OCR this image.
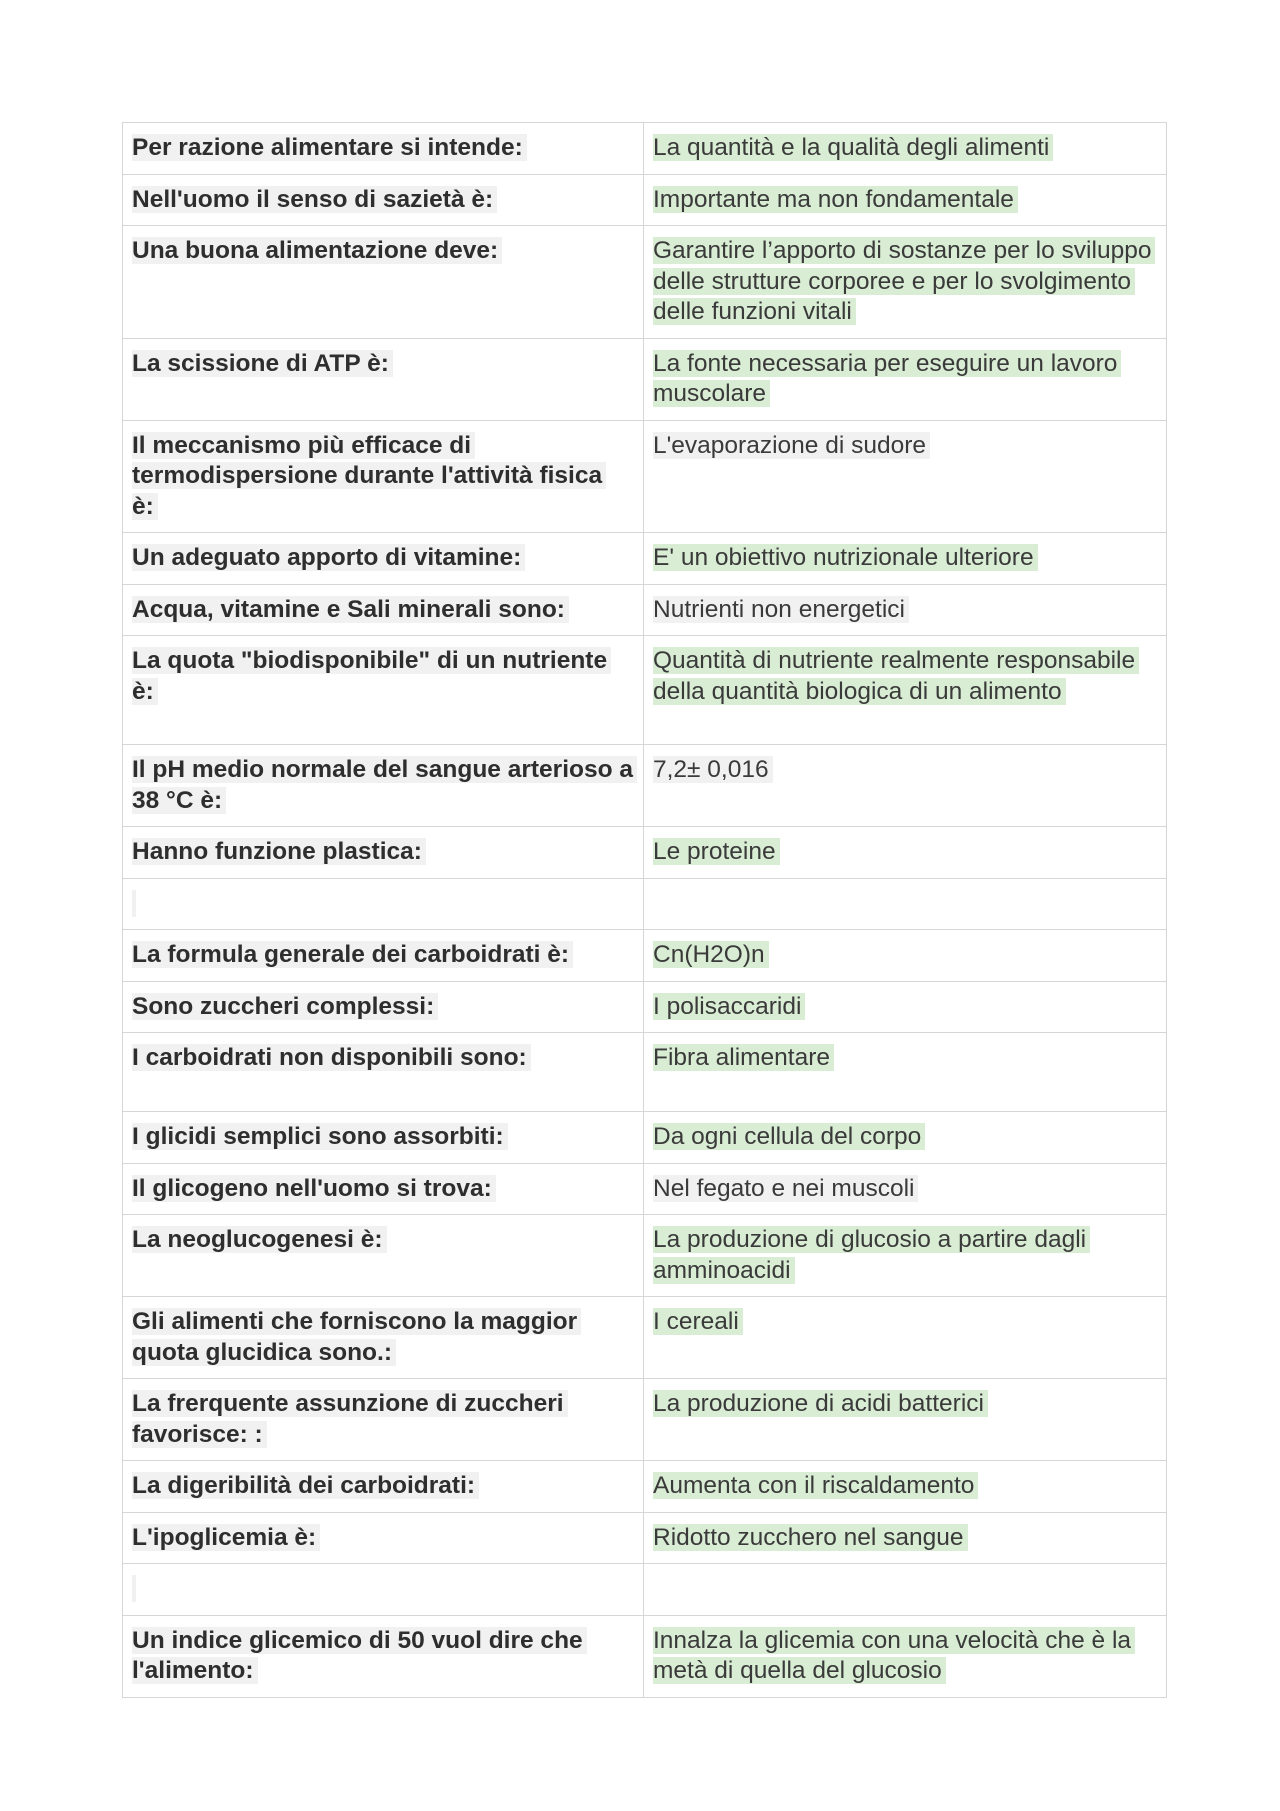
Per razione alimentare si intende:	La quantità e la qualità degli alimenti
Nell'uomo il senso di sazietà è:	Importante ma non fondamentale
Una buona alimentazione deve:	Garantire l’apporto di sostanze per lo sviluppo delle strutture corporee e per lo svolgimento delle funzioni vitali
La scissione di ATP è:	La fonte necessaria per eseguire un lavoro muscolare
Il meccanismo più efficace di termodispersione durante l'attività fisica è:	L'evaporazione di sudore
Un adeguato apporto di vitamine:	E' un obiettivo nutrizionale ulteriore
Acqua, vitamine e Sali minerali sono:	Nutrienti non energetici
La quota "biodisponibile" di un nutriente è:	Quantità di nutriente realmente responsabile della quantità biologica di un alimento
Il pH medio normale del sangue arterioso a 38 °C è:	7,2± 0,016
Hanno funzione plastica:	Le proteine

La formula generale dei carboidrati è:	Cn(H2O)n
Sono zuccheri complessi:	I polisaccaridi
I carboidrati non disponibili sono:	Fibra alimentare
I glicidi semplici sono assorbiti:	Da ogni cellula del corpo
Il glicogeno nell'uomo si trova:	Nel fegato e nei muscoli
La neoglucogenesi è:	La produzione di glucosio a partire dagli amminoacidi
Gli alimenti che forniscono la maggior quota glucidica sono.:	I cereali
La frerquente assunzione di zuccheri favorisce: :	La produzione di acidi batterici
La digeribilità dei carboidrati:	Aumenta con il riscaldamento
L'ipoglicemia è:	Ridotto zucchero nel sangue

Un indice glicemico di 50 vuol dire che l'alimento:	Innalza la glicemia con una velocità che è la metà di quella del glucosio
